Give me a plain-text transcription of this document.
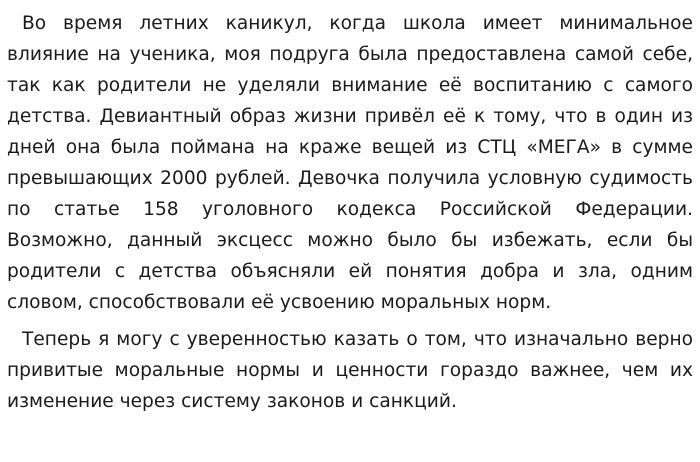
Во время летних каникул, когда школа имеет минимальное влияние на ученика, моя подруга была предоставлена самой себе, так как родители не уделяли внимание её воспитанию с самого детства. Девиантный образ жизни привёл её к тому, что в один из дней она была поймана на краже вещей из СТЦ «МЕГА» в сумме превышающих 2000 рублей. Девочка получила условную судимость по статье 158 уголовного кодекса Российской Федерации. Возможно, данный эксцесс можно было бы избежать, если бы родители с детства объясняли ей понятия добра и зла, одним словом, способствовали её усвоению моральных норм.

Теперь я могу с уверенностью казать о том, что изначально верно привитые моральные нормы и ценности гораздо важнее, чем их изменение через систему законов и санкций.
